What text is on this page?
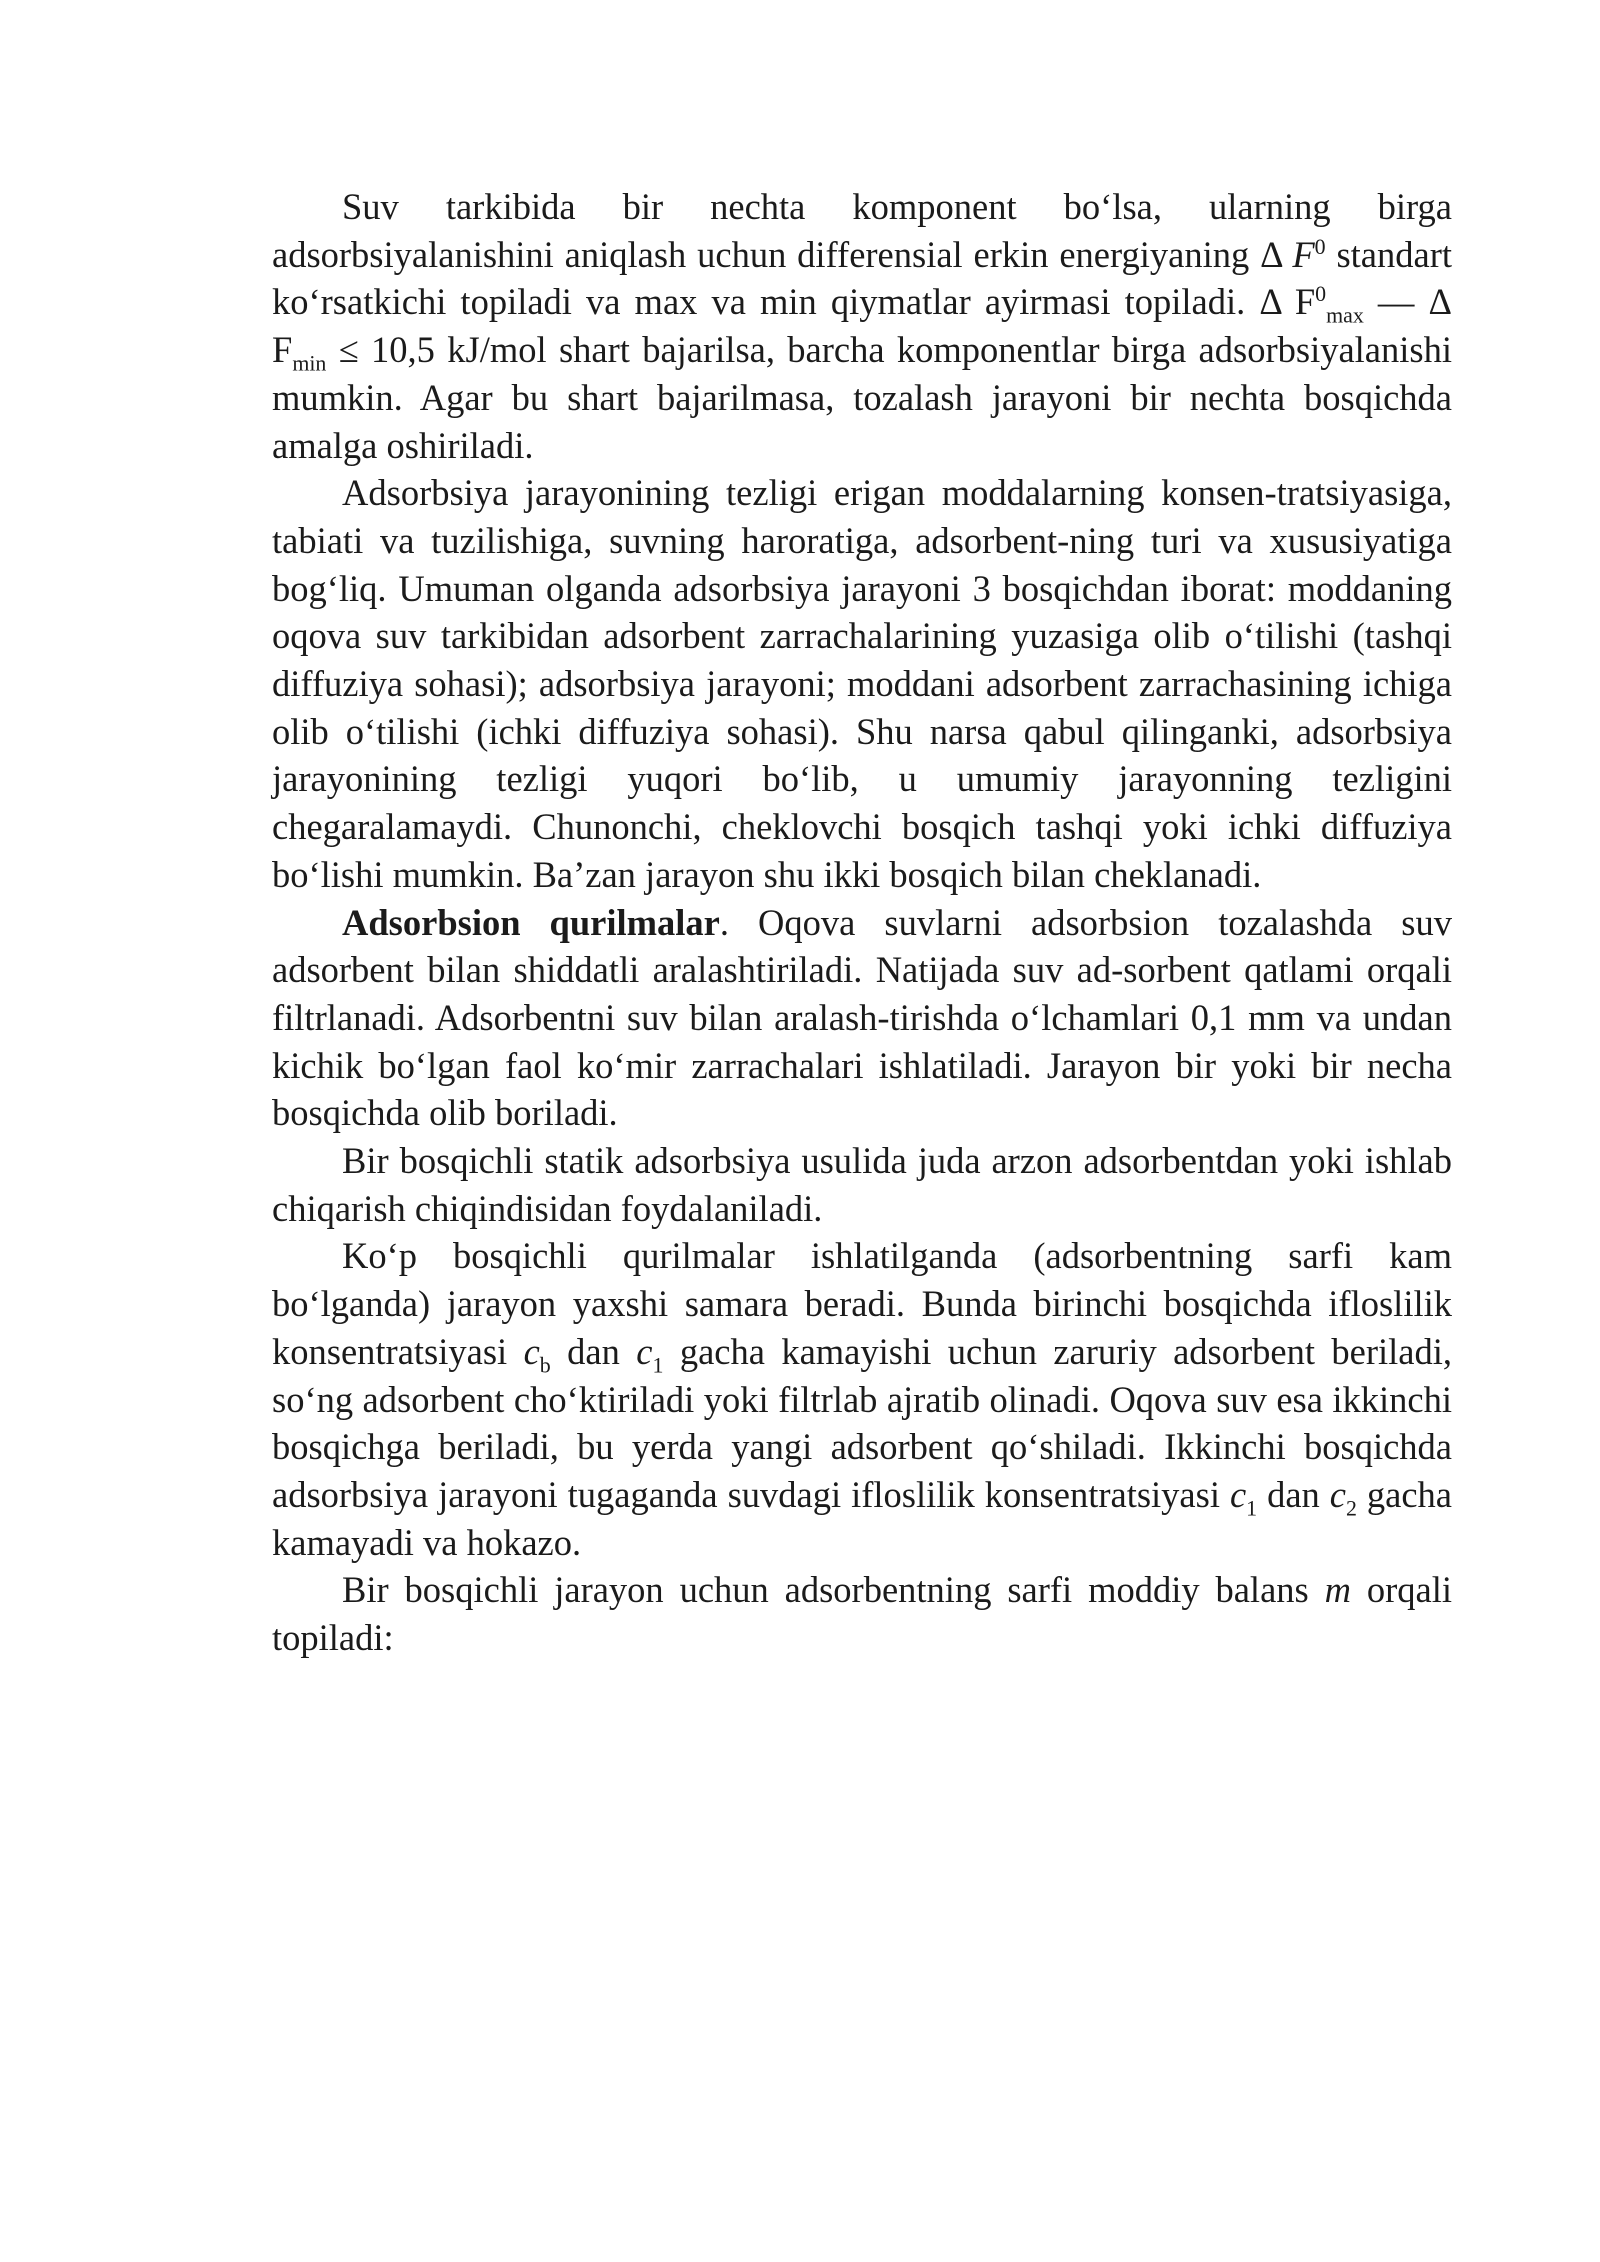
Suv tarkibida bir nechta komponent bo‘lsa, ularning birga adsorbsiyalanishini aniqlash uchun differensial erkin energiyaning Δ $F^0$ standart ko‘rsatkichi topiladi va max va min qiymatlar ayirmasi topiladi. Δ $F^0_{max}$ — Δ $F_{min} \le 10,5$ kJ/mol shart bajarilsa, barcha komponentlar birga adsorbsiyalanishi mumkin. Agar bu shart bajarilmasa, tozalash jarayoni bir nechta bosqichda amalga oshiriladi.

Adsorbsiya jarayonining tezligi erigan moddalarning konsen-tratsiyasiga, tabiati va tuzilishiga, suvning haroratiga, adsorbent-ning turi va xususiyatiga bog‘liq. Umuman olganda adsorbsiya jarayoni 3 bosqichdan iborat: moddaning oqova suv tarkibidan adsorbent zarrachalarining yuzasiga olib o‘tilishi (tashqi diffuziya sohasi); adsorbsiya jarayoni; moddani adsorbent zarrachasining ichiga olib o‘tilishi (ichki diffuziya sohasi). Shu narsa qabul qilinganki, adsorbsiya jarayonining tezligi yuqori bo‘lib, u umumiy jarayonning tezligini chegaralamaydi. Chunonchi, cheklovchi bosqich tashqi yoki ichki diffuziya bo‘lishi mumkin. Ba’zan jarayon shu ikki bosqich bilan cheklanadi.

Adsorbsion qurilmalar. Oqova suvlarni adsorbsion tozalashda suv adsorbent bilan shiddatli aralashtiriladi. Natijada suv ad-sorbent qatlami orqali filtrlanadi. Adsorbentni suv bilan aralash-tirishda o‘lchamlari 0,1 mm va undan kichik bo‘lgan faol ko‘mir zarrachalari ishlatiladi. Jarayon bir yoki bir necha bosqichda olib boriladi.

Bir bosqichli statik adsorbsiya usulida juda arzon adsorbentdan yoki ishlab chiqarish chiqindisidan foydalaniladi.

Ko‘p bosqichli qurilmalar ishlatilganda (adsorbentning sarfi kam bo‘lganda) jarayon yaxshi samara beradi. Bunda birinchi bosqichda ifloslilik konsentratsiyasi $c_b$ dan $c_1$ gacha kamayishi uchun zaruriy adsorbent beriladi, so‘ng adsorbent cho‘ktiriladi yoki filtrlab ajratib olinadi. Oqova suv esa ikkinchi bosqichga beriladi, bu yerda yangi adsorbent qo‘shiladi. Ikkinchi bosqichda adsorbsiya jarayoni tugaganda suvdagi ifloslilik konsentratsiyasi $c_1$ dan $c_2$ gacha kamayadi va hokazo.

Bir bosqichli jarayon uchun adsorbentning sarfi moddiy balans m orqali topiladi:
